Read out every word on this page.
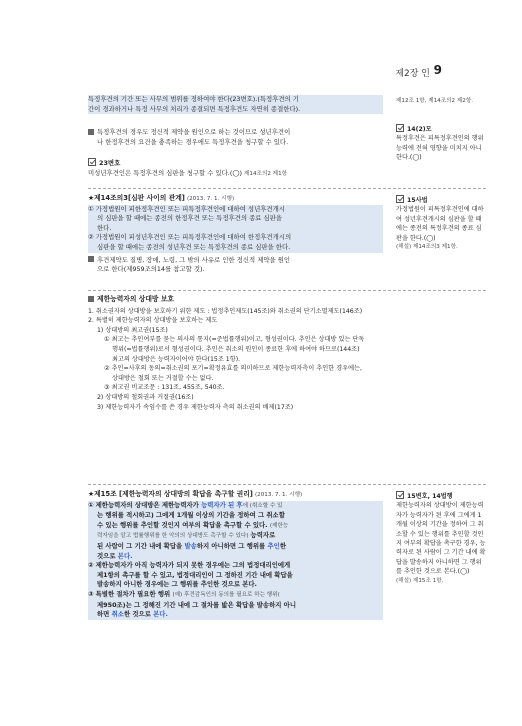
제2장 인 9

특정후견의 기간 또는 사무의 범위를 정하여야 한다(23변호).(특정후견의 기

간이 경과하거나 특정 사무의 처리가 종결되면 특정후견도 자연히 종결한다).

제12조 1항, 제14조의2 제2항.

특정후견의 경우도 정신적 제약을 원인으로 하는 것이므로 성년후견이

나 한정후견의 요건을 충족하는 경우에도 특정후견을 청구할 수 있다.

14(2)모

특정후견은 피특정후견인의 행위능력에 전혀 영향을 미치지 아니한다.(◯)

23변호

미성년후견인은 특정후견의 심판을 청구할 수 있다.(◯) 제14조의2 제1항

★제14조의3[심판 사이의 관계] (2013. 7. 1. 시행)

① 가정법원이 피한정후견인 또는 피특정후견인에 대하여 성년후견개시

의 심판을 할 때에는 종전의 한정후견 또는 특정후견의 종료 심판을

한다.

② 가정법원이 피성년후견인 또는 피특정후견인에 대하여 한정후견개시의

심판을 할 때에는 종전의 성년후견 또는 특정후견의 종료 심판을 한다.

후견제약도 질병, 장애, 노령, 그 밖의 사유로 인한 정신적 제약을 원인

으로 한다(제959조의14를 참고할 것).

15사법

가정법원이 피특정후견인에 대하여 성년후견개시의 심판을 할 때에는 종전의 특정후견의 종료 심판을 한다.(◯)

(해설) 제14조의3 제1항.

제한능력자의 상대방 보호

1. 취소권자의 상대방을 보호하기 위한 제도 : 법정추인제도(145조)와 취소권의 단기소멸제도(146조)

2. 특별히 제한능력자의 상대방을 보호하는 제도

1) 상대방의 최고권(15조)

① 최고는 추인여부를 묻는 의사의 통지(=준법률행위)이고, 형성권이다. 추인은 상대방 있는 단독

행위(=법률행위)로서 형성권이다. 추인은 취소의 원인이 종료한 후에 하여야 하므로(144조)

최고의 상대방은 능력자이어야 한다(15조 1항).

② 추인=사후의 동의=취소권의 포기=확정유효를 의미하므로 제한능력자측이 추인한 경우에는,

상대방은 철회 또는 거절할 수는 없다.

③ 최고권 비교조문 : 131조, 455조, 540조.

2) 상대방의 철회권과 거절권(16조)

3) 제한능력자가 속임수를 쓴 경우 제한능력자 측의 취소권의 배제(17조)

★제15조 [제한능력자의 상대방의 확답을 촉구할 권리] (2013. 7. 1. 시행)

① 제한능력자의 상대방은 제한능력자가 능력자가 된 후에 (취소할 수 있

는 행위를 적시하고) 그에게 1개월 이상의 기간을 정하여 그 취소할

수 있는 행위를 추인할 것인지 여부의 확답을 촉구할 수 있다. (제한능

력자임을 알고 법률행위를 한 악의의 상대방도 촉구할 수 있다) 능력자로

된 사람이 그 기간 내에 확답을 발송하지 아니하면 그 행위를 추인한

것으로 본다.

② 제한능력자가 아직 능력자가 되지 못한 경우에는 그의 법정대리인에게

제1항의 촉구를 할 수 있고, 법정대리인이 그 정하진 기간 내에 확답을

발송하지 아니한 경우에는 그 행위를 추인한 것으로 본다.

③ 특별한 절차가 필요한 행위 (예) 후견감독인의 동의를 필요로 하는 행위(

제950조)는 그 정해진 기간 내에 그 절차를 밟은 확답을 발송하지 아니

하면 취소한 것으로 본다.

15변호, 14법행

제한능력자의 상대방이 제한능력자가 능력자가 된 후에 그에게 1개월 이상의 기간을 정하여 그 취소할 수 있는 행위를 추인할 것인지 여부의 확답을 촉구한 경우, 능력자로 된 사람이 그 기간 내에 확답을 발송하지 아니하면 그 행위를 추인한 것으로 본다.(◯)

(해설) 제15조 1항.
